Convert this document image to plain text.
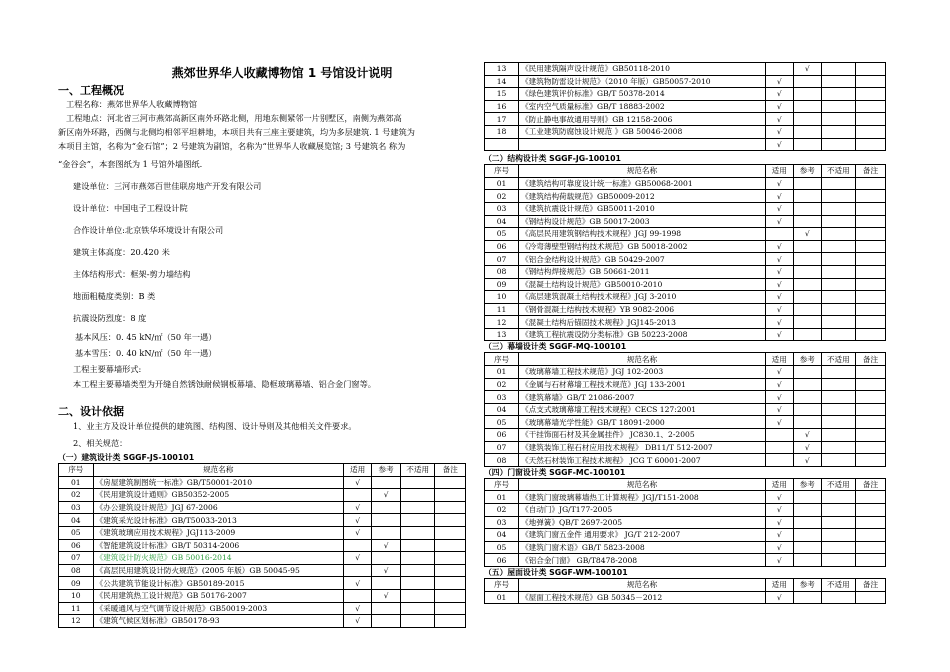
燕郊世界华人收藏博物馆 1 号馆设计说明
一、工程概况
工程名称：燕郊世界华人收藏博物馆
工程地点：河北省三河市燕郊高新区南外环路北侧，用地东侧紧邻一片别墅区，南侧为燕郊高
新区南外环路，西侧与北侧均相邻平坦耕地，本项目共有三座主要建筑，均为多层建筑. 1 号建筑为
本项目主馆，名称为“金石馆”；2 号建筑为副馆，名称为“世界华人收藏展览馆; 3 号建筑名 称为
“金谷会”，本套图纸为 1 号馆外墙图纸.
建设单位：三河市燕郊百世佳联房地产开发有限公司
设计单位：中国电子工程设计院
合作设计单位:北京铁华环境设计有限公司
建筑主体高度：20.420 米
主体结构形式：框架-剪力墙结构
地面粗糙度类别：B 类
抗震设防烈度：8 度
基本风压：0. 45 kN/㎡（50 年一遇）
基本雪压：0. 40 kN/㎡（50 年一遇）
工程主要幕墙形式:
本工程主要幕墙类型为开缝自然锈蚀耐候钢板幕墙、隐框玻璃幕墙、铝合金门窗等。
二、设计依据
1、业主方及设计单位提供的建筑图、结构图、设计导则及其他相关文件要求。
2、相关规范：
（一）建筑设计类 SGGF-JS-100101
序号	规范名称	适用	参考	不适用	备注
01	《房屋建筑制图统一标准》GB/T50001-2010	√			
02	《民用建筑设计通则》GB50352-2005		√		
03	《办公建筑设计规范》JGJ 67-2006	√			
04	《建筑采光设计标准》GB/T50033-2013	√			
05	《建筑玻璃应用技术规程》JGJ113-2009	√			
06	《智能建筑设计标准》GB/T 50314-2006		√		
07	《建筑设计防火规范》GB 50016-2014	√			
08	《高层民用建筑设计防火规范》(2005 年版）GB 50045-95		√		
09	《公共建筑节能设计标准》GB50189-2015	√			
10	《民用建筑热工设计规范》GB 50176-2007		√		
11	《采暖通风与空气调节设计规范》GB50019-2003	√			
12	《建筑气候区划标准》GB50178-93	√			
13	《民用建筑隔声设计规范》GB50118-2010		√		
14	《建筑物防雷设计规范》（2010 年版）GB50057-2010	√			
15	《绿色建筑评价标准》GB/T 50378-2014	√			
16	《室内空气质量标准》GB/T 18883-2002	√			
17	《防止静电事故通用导则》GB 12158-2006	√			
18	《工业建筑防腐蚀设计规范 》GB 50046-2008	√			
		√			
（二）结构设计类 SGGF-JG-100101
序号	规范名称	适用	参考	不适用	备注
01	《建筑结构可靠度设计统一标准》GB50068-2001	√			
02	《建筑结构荷载规范》GB50009-2012	√			
03	《建筑抗震设计规范》GB50011-2010	√			
04	《钢结构设计规范》GB 50017-2003	√			
05	《高层民用建筑钢结构技术规程》JGJ 99-1998		√		
06	《冷弯薄壁型钢结构技术规范》GB 50018-2002	√			
07	《铝合金结构设计规范》GB 50429-2007	√			
08	《钢结构焊接规范》GB 50661-2011	√			
09	《混凝土结构设计规范》GB50010-2010	√			
10	《高层建筑混凝土结构技术规程》JGJ 3-2010	√			
11	《钢骨混凝土结构技术规程》YB 9082-2006	√			
12	《混凝土结构后锚固技术规程》JGJ145-2013	√			
13	《建筑工程抗震设防分类标准》GB 50223-2008	√			
（三）幕墙设计类 SGGF-MQ-100101
序号	规范名称	适用	参考	不适用	备注
01	《玻璃幕墙工程技术规范》JGJ 102-2003	√			
02	《金属与石材幕墙工程技术规范》JGJ 133-2001	√			
03	《建筑幕墙》GB/T 21086-2007	√			
04	《点支式玻璃幕墙工程技术规程》CECS 127:2001	√			
05	《玻璃幕墙光学性能》GB/T 18091-2000	√			
06	《干挂饰面石材及其金属挂件》 JC830.1、2-2005		√		
07	《建筑装饰工程石材应用技术规程》 DB11/T 512-2007		√		
08	《天然石材装饰工程技术规程》 JCG T 60001-2007		√		
（四）门窗设计类 SGGF-MC-100101
序号	规范名称	适用	参考	不适用	备注
01	《建筑门窗玻璃幕墙热工计算规程》JGJ/T151-2008	√			
02	《自动门》JG/T177-2005	√			
03	《地弹簧》QB/T 2697-2005	√			
04	《建筑门窗五金件 通用要求》 JG/T 212-2007	√			
05	《建筑门窗术语》GB/T 5823-2008	√			
06	《铝合金门窗》 GB/T8478-2008	√			
（五）屋面设计类 SGGF-WM-100101
序号	规范名称	适用	参考	不适用	备注
01	《屋面工程技术规范》GB 50345－2012	√			
